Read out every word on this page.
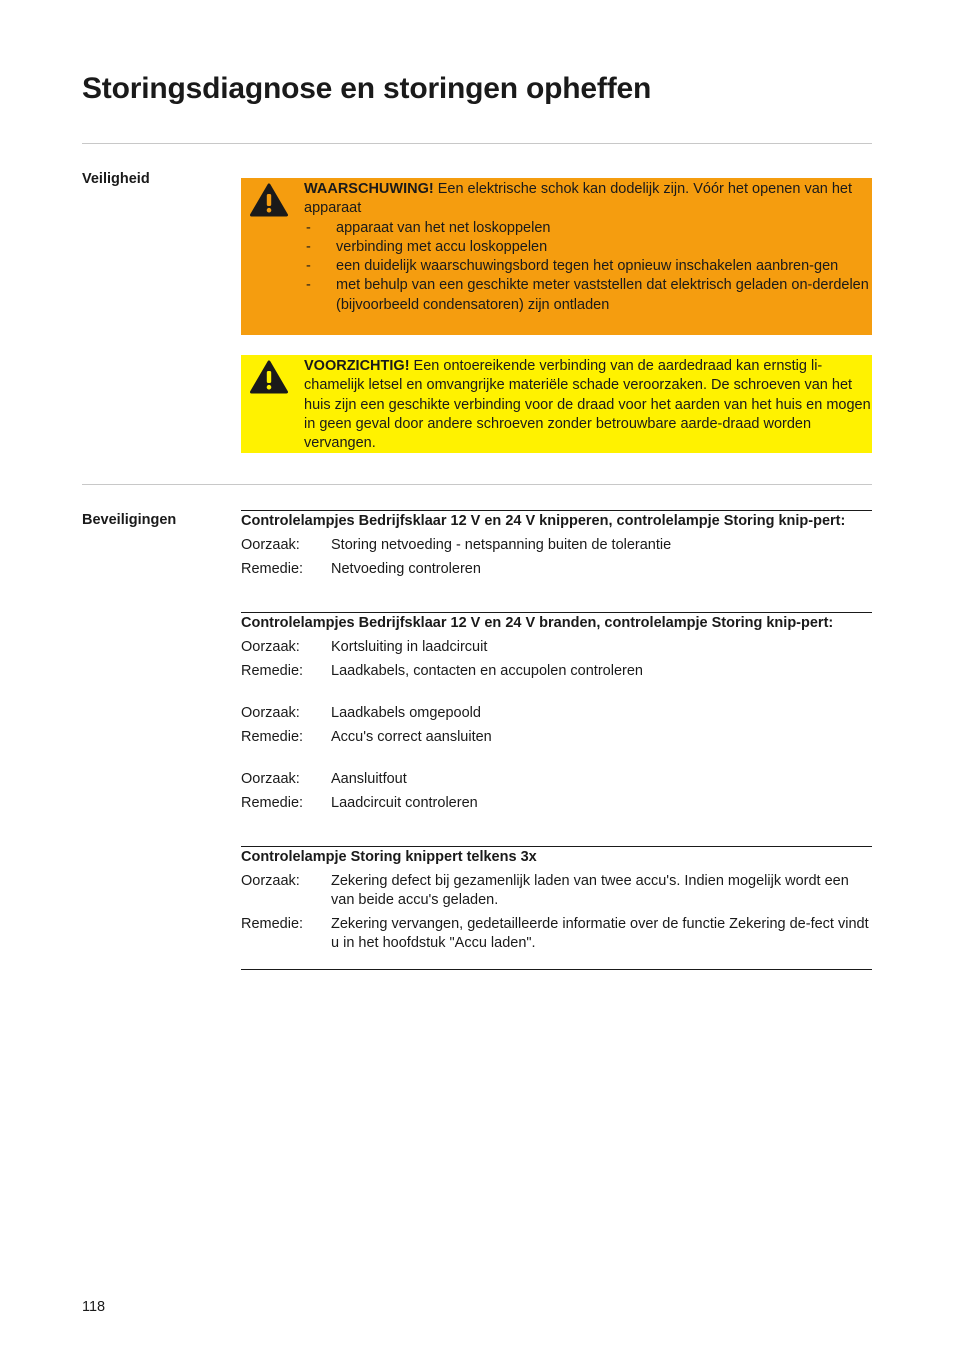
Storingsdiagnose en storingen opheffen
Veiligheid
WAARSCHUWING! Een elektrische schok kan dodelijk zijn. Vóór het openen van het apparaat
- apparaat van het net loskoppelen
- verbinding met accu loskoppelen
- een duidelijk waarschuwingsbord tegen het opnieuw inschakelen aanbren-gen
- met behulp van een geschikte meter vaststellen dat elektrisch geladen on-derdelen (bijvoorbeeld condensatoren) zijn ontladen
VOORZICHTIG! Een ontoereikende verbinding van de aardedraad kan ernstig li-chamelijk letsel en omvangrijke materiële schade veroorzaken. De schroeven van het huis zijn een geschikte verbinding voor de draad voor het aarden van het huis en mogen in geen geval door andere schroeven zonder betrouwbare aarde-draad worden vervangen.
Beveiligingen	Controlelampjes Bedrijfsklaar 12 V en 24 V knipperen, controlelampje Storing knip-pert:
Oorzaak:	Storing netvoeding - netspanning buiten de tolerantie
Remedie:	Netvoeding controleren
Controlelampjes Bedrijfsklaar 12 V en 24 V branden, controlelampje Storing knip-pert:
Oorzaak:	Kortsluiting in laadcircuit
Remedie:	Laadkabels, contacten en accupolen controleren
Oorzaak:	Laadkabels omgepoold
Remedie:	Accu's correct aansluiten
Oorzaak:	Aansluitfout
Remedie:	Laadcircuit controleren
Controlelampje Storing knippert telkens 3x
Oorzaak:	Zekering defect bij gezamenlijk laden van twee accu's. Indien mogelijk wordt een van beide accu's geladen.
Remedie:	Zekering vervangen, gedetailleerde informatie over de functie Zekering de-fect vindt u in het hoofdstuk "Accu laden".
118
